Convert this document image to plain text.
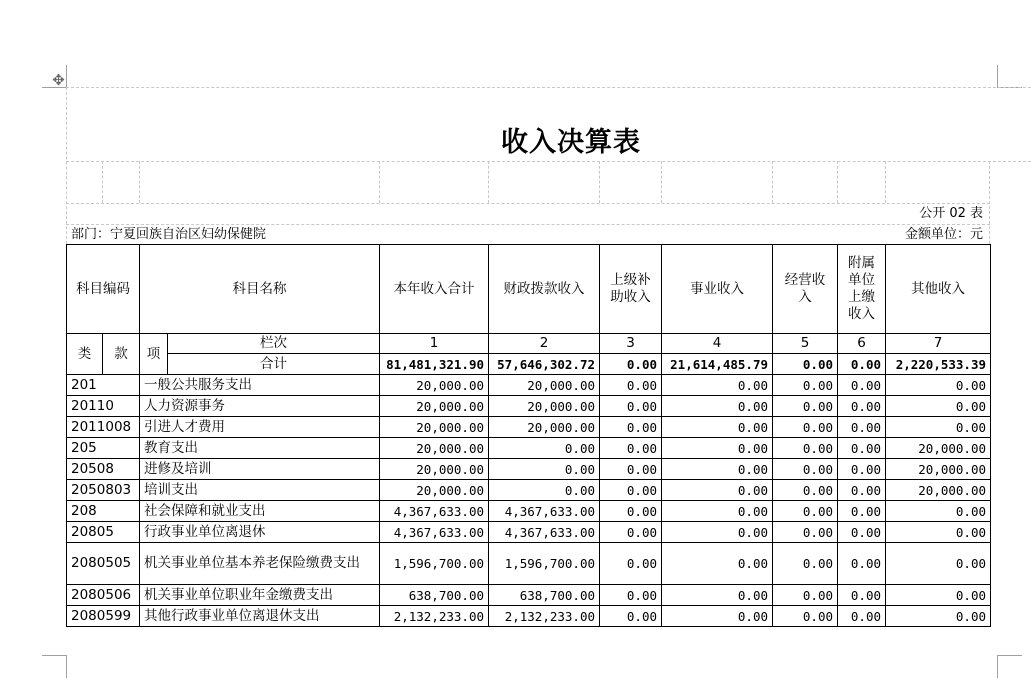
✥
收入决算表
公开 02 表
部门：宁夏回族自治区妇幼保健院	金额单位：元
科目编码		科目名称		本年收入合计	财政拨款收入	上级补助收入	事业收入	经营收入	附属单位上缴收入	其他收入
类	款	项	栏次	1	2	3	4	5	6	7
			合计	81,481,321.90	57,646,302.72	0.00	21,614,485.79	0.00	0.00	2,220,533.39
201		一般公共服务支出		20,000.00	20,000.00	0.00	0.00	0.00	0.00	0.00
20110		人力资源事务		20,000.00	20,000.00	0.00	0.00	0.00	0.00	0.00
2011008		引进人才费用		20,000.00	20,000.00	0.00	0.00	0.00	0.00	0.00
205		教育支出		20,000.00	0.00	0.00	0.00	0.00	0.00	20,000.00
20508		进修及培训		20,000.00	0.00	0.00	0.00	0.00	0.00	20,000.00
2050803		培训支出		20,000.00	0.00	0.00	0.00	0.00	0.00	20,000.00
208		社会保障和就业支出		4,367,633.00	4,367,633.00	0.00	0.00	0.00	0.00	0.00
20805		行政事业单位离退休		4,367,633.00	4,367,633.00	0.00	0.00	0.00	0.00	0.00
2080505		机关事业单位基本养老保险缴费支出		1,596,700.00	1,596,700.00	0.00	0.00	0.00	0.00	0.00
2080506		机关事业单位职业年金缴费支出		638,700.00	638,700.00	0.00	0.00	0.00	0.00	0.00
2080599		其他行政事业单位离退休支出		2,132,233.00	2,132,233.00	0.00	0.00	0.00	0.00	0.00
